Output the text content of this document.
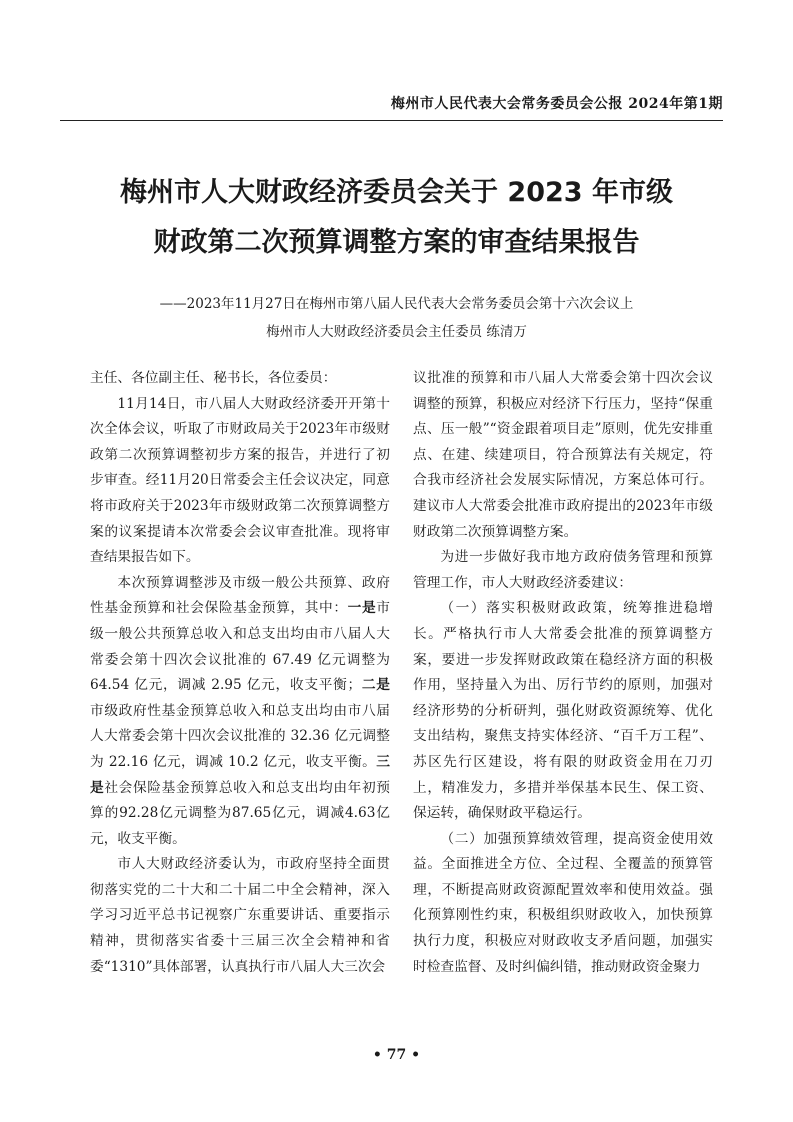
梅州市人民代表大会常务委员会公报 2024年第1期
梅州市人大财政经济委员会关于 2023 年市级
财政第二次预算调整方案的审查结果报告
——2023年11月27日在梅州市第八届人民代表大会常务委员会第十六次会议上
梅州市人大财政经济委员会主任委员 练清万

主任、各位副主任、秘书长，各位委员：

11月14日，市八届人大财政经济委开开第十次全体会议，听取了市财政局关于2023年市级财政第二次预算调整初步方案的报告，并进行了初步审查。经11月20日常委会主任会议决定，同意将市政府关于2023年市级财政第二次预算调整方案的议案提请本次常委会会议审查批准。现将审查结果报告如下。

本次预算调整涉及市级一般公共预算、政府性基金预算和社会保险基金预算，其中：一是市级一般公共预算总收入和总支出均由市八届人大常委会第十四次会议批准的 67.49 亿元调整为 64.54 亿元，调减 2.95 亿元，收支平衡；二是市级政府性基金预算总收入和总支出均由市八届人大常委会第十四次会议批准的 32.36 亿元调整为 22.16 亿元，调减 10.2 亿元，收支平衡。三是社会保险基金预算总收入和总支出均由年初预算的92.28亿元调整为87.65亿元，调减4.63亿元，收支平衡。

市人大财政经济委认为，市政府坚持全面贯彻落实党的二十大和二十届二中全会精神，深入学习习近平总书记视察广东重要讲话、重要指示精神，贯彻落实省委十三届三次全会精神和省委“1310”具体部署，认真执行市八届人大三次会

议批准的预算和市八届人大常委会第十四次会议调整的预算，积极应对经济下行压力，坚持“保重点、压一般”“资金跟着项目走”原则，优先安排重点、在建、续建项目，符合预算法有关规定，符合我市经济社会发展实际情况，方案总体可行。建议市人大常委会批准市政府提出的2023年市级财政第二次预算调整方案。

为进一步做好我市地方政府债务管理和预算管理工作，市人大财政经济委建议：

（一）落实积极财政政策，统筹推进稳增长。严格执行市人大常委会批准的预算调整方案，要进一步发挥财政政策在稳经济方面的积极作用，坚持量入为出、厉行节约的原则，加强对经济形势的分析研判，强化财政资源统筹、优化支出结构，聚焦支持实体经济、“百千万工程”、苏区先行区建设，将有限的财政资金用在刀刃上，精准发力，多措并举保基本民生、保工资、保运转，确保财政平稳运行。

（二）加强预算绩效管理，提高资金使用效益。全面推进全方位、全过程、全覆盖的预算管理，不断提高财政资源配置效率和使用效益。强化预算刚性约束，积极组织财政收入，加快预算执行力度，积极应对财政收支矛盾问题，加强实时检查监督、及时纠偏纠错，推动财政资金聚力

• 77 •
